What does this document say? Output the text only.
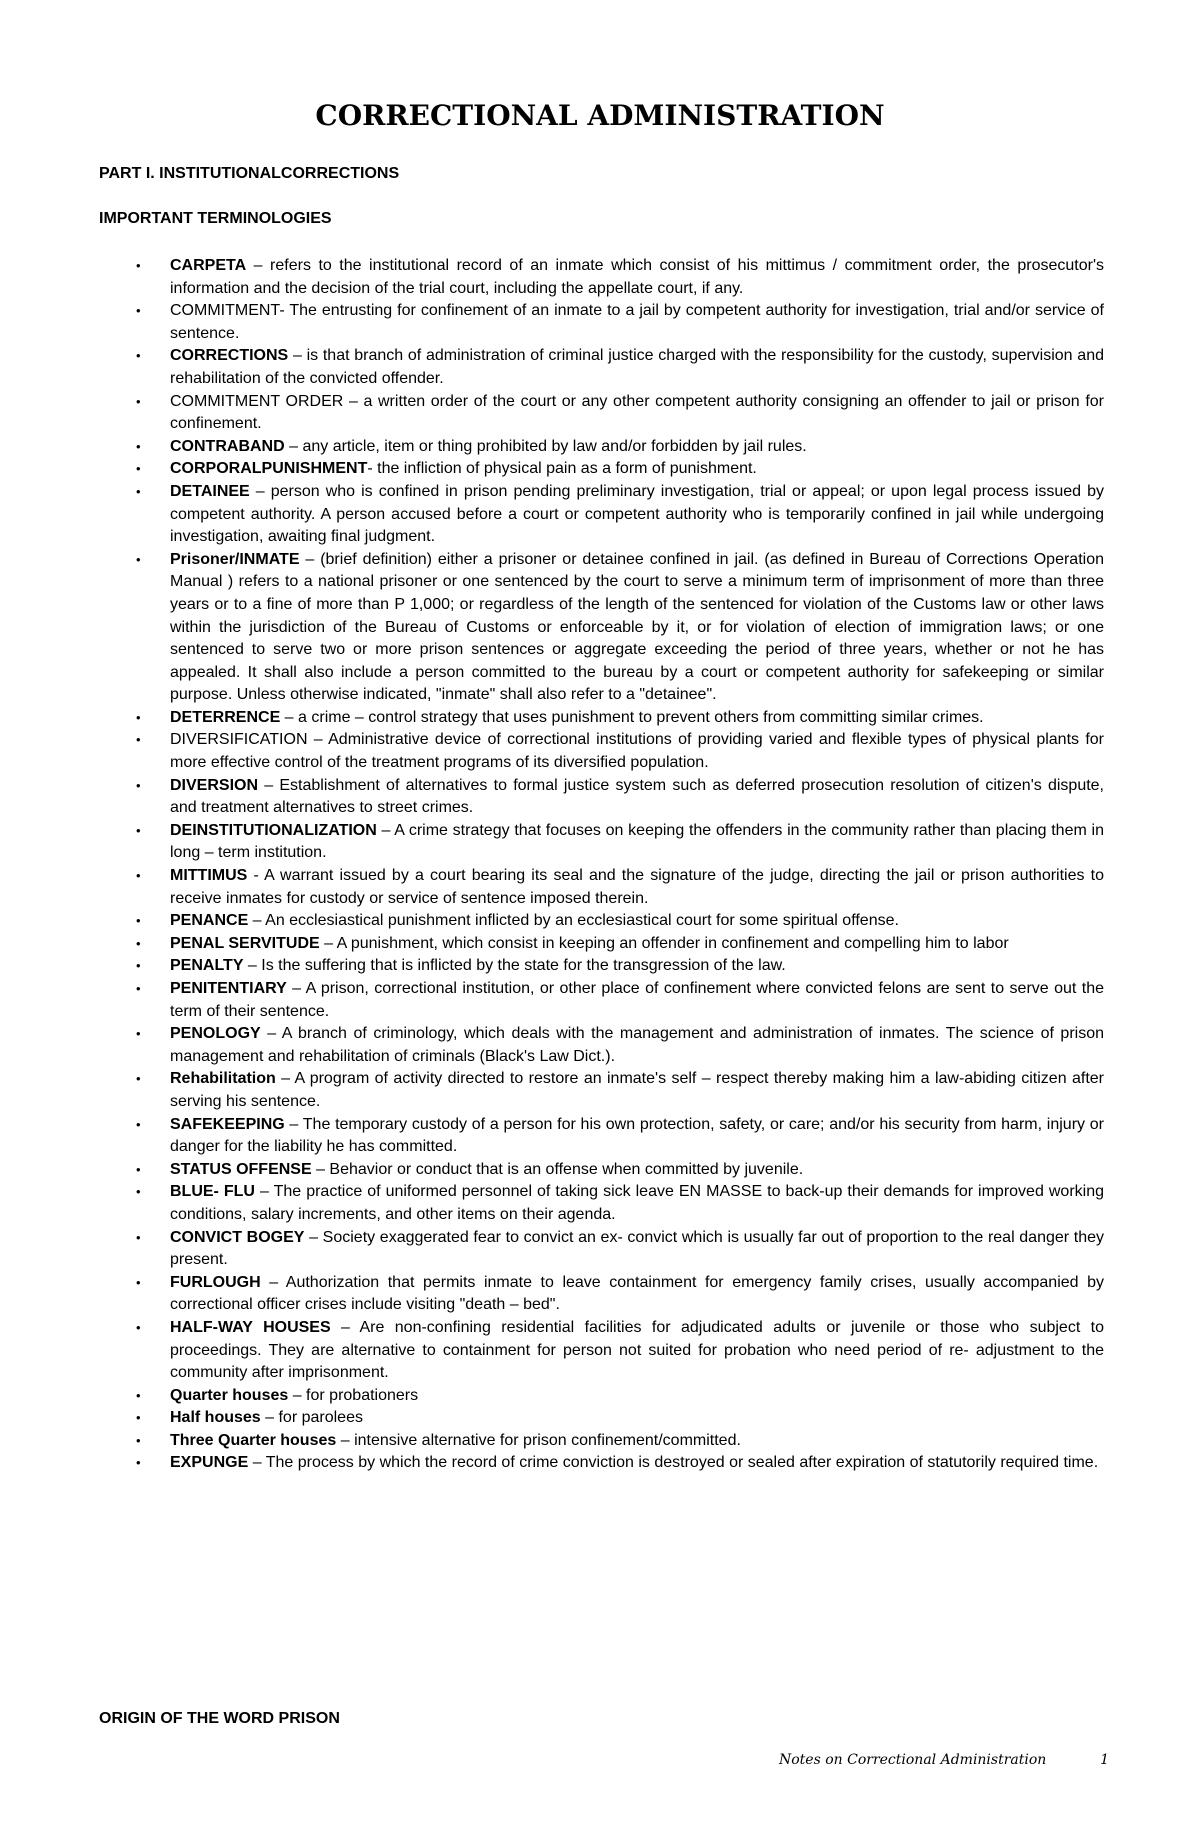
CORRECTIONAL ADMINISTRATION
PART I. INSTITUTIONALCORRECTIONS
IMPORTANT TERMINOLOGIES
• CARPETA – refers to the institutional record of an inmate which consist of his mittimus / commitment order, the prosecutor's information and the decision of the trial court, including the appellate court, if any.
• COMMITMENT- The entrusting for confinement of an inmate to a jail by competent authority for investigation, trial and/or service of sentence.
• CORRECTIONS – is that branch of administration of criminal justice charged with the responsibility for the custody, supervision and rehabilitation of the convicted offender.
• COMMITMENT ORDER – a written order of the court or any other competent authority consigning an offender to jail or prison for confinement.
• CONTRABAND – any article, item or thing prohibited by law and/or forbidden by jail rules.
• CORPORALPUNISHMENT- the infliction of physical pain as a form of punishment.
• DETAINEE – person who is confined in prison pending preliminary investigation, trial or appeal; or upon legal process issued by competent authority. A person accused before a court or competent authority who is temporarily confined in jail while undergoing investigation, awaiting final judgment.
• Prisoner/INMATE – (brief definition) either a prisoner or detainee confined in jail. (as defined in Bureau of Corrections Operation Manual ) refers to a national prisoner or one sentenced by the court to serve a minimum term of imprisonment of more than three years or to a fine of more than P 1,000; or regardless of the length of the sentenced for violation of the Customs law or other laws within the jurisdiction of the Bureau of Customs or enforceable by it, or for violation of election of immigration laws; or one sentenced to serve two or more prison sentences or aggregate exceeding the period of three years, whether or not he has appealed. It shall also include a person committed to the bureau by a court or competent authority for safekeeping or similar purpose. Unless otherwise indicated, "inmate" shall also refer to a "detainee".
• DETERRENCE – a crime – control strategy that uses punishment to prevent others from committing similar crimes.
• DIVERSIFICATION – Administrative device of correctional institutions of providing varied and flexible types of physical plants for more effective control of the treatment programs of its diversified population.
• DIVERSION – Establishment of alternatives to formal justice system such as deferred prosecution resolution of citizen's dispute, and treatment alternatives to street crimes.
• DEINSTITUTIONALIZATION – A crime strategy that focuses on keeping the offenders in the community rather than placing them in long – term institution.
• MITTIMUS - A warrant issued by a court bearing its seal and the signature of the judge, directing the jail or prison authorities to receive inmates for custody or service of sentence imposed therein.
• PENANCE – An ecclesiastical punishment inflicted by an ecclesiastical court for some spiritual offense.
• PENAL SERVITUDE – A punishment, which consist in keeping an offender in confinement and compelling him to labor
• PENALTY – Is the suffering that is inflicted by the state for the transgression of the law.
• PENITENTIARY – A prison, correctional institution, or other place of confinement where convicted felons are sent to serve out the term of their sentence.
• PENOLOGY – A branch of criminology, which deals with the management and administration of inmates. The science of prison management and rehabilitation of criminals (Black's Law Dict.).
• Rehabilitation – A program of activity directed to restore an inmate's self – respect thereby making him a law-abiding citizen after serving his sentence.
• SAFEKEEPING – The temporary custody of a person for his own protection, safety, or care; and/or his security from harm, injury or danger for the liability he has committed.
• STATUS OFFENSE – Behavior or conduct that is an offense when committed by juvenile.
• BLUE- FLU – The practice of uniformed personnel of taking sick leave EN MASSE to back-up their demands for improved working conditions, salary increments, and other items on their agenda.
• CONVICT BOGEY – Society exaggerated fear to convict an ex- convict which is usually far out of proportion to the real danger they present.
• FURLOUGH – Authorization that permits inmate to leave containment for emergency family crises, usually accompanied by correctional officer crises include visiting "death – bed".
• HALF-WAY HOUSES – Are non-confining residential facilities for adjudicated adults or juvenile or those who subject to proceedings. They are alternative to containment for person not suited for probation who need period of re- adjustment to the community after imprisonment.
• Quarter houses – for probationers
• Half houses – for parolees
• Three Quarter houses – intensive alternative for prison confinement/committed.
• EXPUNGE – The process by which the record of crime conviction is destroyed or sealed after expiration of statutorily required time.
ORIGIN OF THE WORD PRISON
Notes on Correctional Administration	1
